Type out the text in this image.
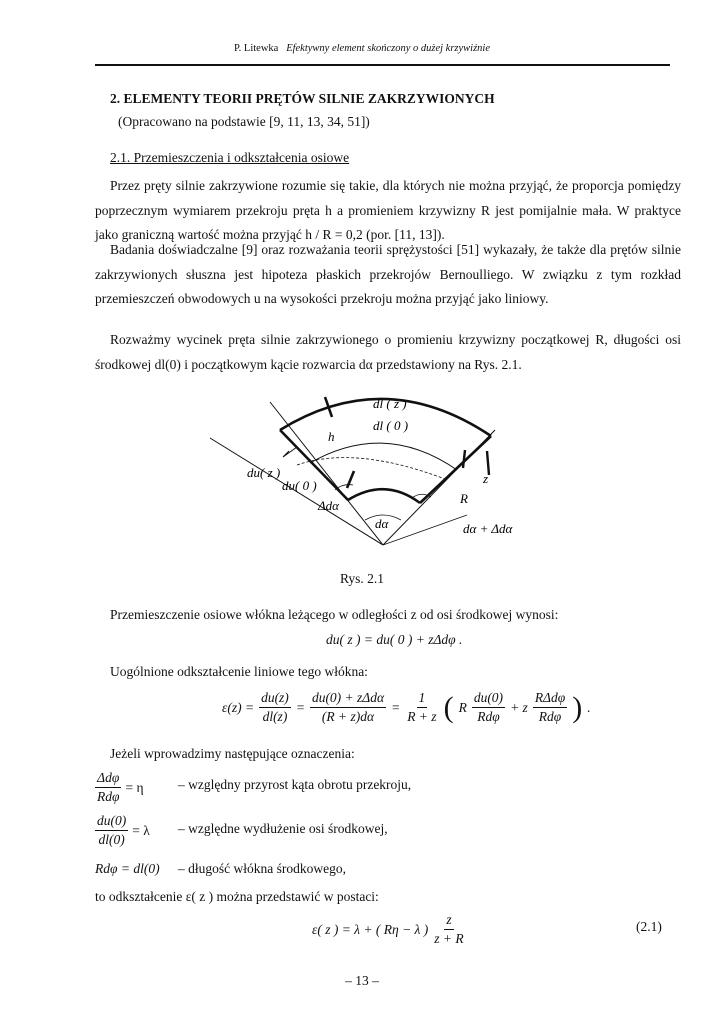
P. Litewka Efektywny element skończony o dużej krzywiźnie
2. ELEMENTY TEORII PRĘTÓW SILNIE ZAKRZYWIONYCH
(Opracowano na podstawie [9, 11, 13, 34, 51])
2.1. Przemieszczenia i odkształcenia osiowe
Przez pręty silnie zakrzywione rozumie się takie, dla których nie można przyjąć, że proporcja pomiędzy poprzecznym wymiarem przekroju pręta h a promieniem krzywizny R jest pomijalnie mała. W praktyce jako graniczną wartość można przyjąć h / R = 0,2 (por. [11, 13]).
Badania doświadczalne [9] oraz rozważania teorii sprężystości [51] wykazały, że także dla prętów silnie zakrzywionych słuszna jest hipoteza płaskich przekrojów Bernoulliego. W związku z tym rozkład przemieszczeń obwodowych u na wysokości przekroju można przyjąć jako liniowy.
Rozważmy wycinek pręta silnie zakrzywionego o promieniu krzywizny początkowej R, długości osi środkowej dl(0) i początkowym kącie rozwarcia dα przedstawiony na Rys. 2.1.
dl ( z )
dl ( 0 )
h
z
R
du( z )
du( 0 )
Δdα
dα	dα + Δdα
Rys. 2.1
Przemieszczenie osiowe włókna leżącego w odległości z od osi środkowej wynosi:
du( z ) = du( 0 ) + zΔdφ .
Uogólnione odkształcenie liniowe tego włókna:
$\varepsilon(z) = \frac{du(z)}{dl(z)} = \frac{\text{du(0) + zΔdα}}{(R + z)d\alpha} = \frac{1}{R + z}$ ( R $\frac{du(0)}{\text{Rdφ}} + z \frac{\text{RΔdφ}}{\text{Rdφ}}$ ) .
Jeżeli wprowadzimy następujące oznaczenia:
$\frac{\text{Δdφ}}{\text{Rdφ}} = \eta$	– względny przyrost kąta obrotu przekroju,
$\frac{du(0)}{dl(0)} = \lambda$ – względne wydłużenie osi środkowej,
Rdφ = dl(0) – długość włókna środkowego,
to odkształcenie ε( z ) można przedstawić w postaci:
ε( z ) = λ + ( Rη − λ ) $\frac{z}{z + R}$	(2.1)
– 13 –
